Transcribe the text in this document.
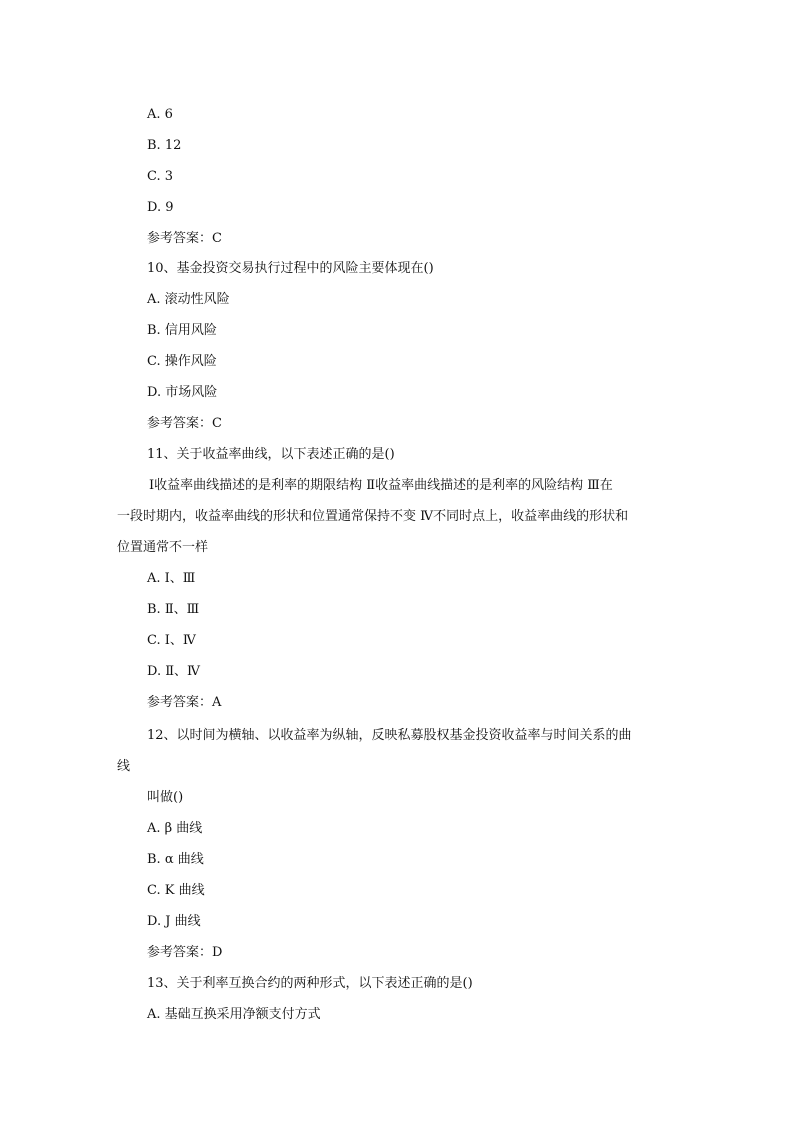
A. 6
B. 12
C. 3
D. 9
参考答案：C
10、基金投资交易执行过程中的风险主要体现在()
A. 滚动性风险
B. 信用风险
C. 操作风险
D. 市场风险
参考答案：C
11、关于收益率曲线，以下表述正确的是()
Ⅰ收益率曲线描述的是利率的期限结构 Ⅱ收益率曲线描述的是利率的风险结构 Ⅲ在
一段时期内，收益率曲线的形状和位置通常保持不变 Ⅳ不同时点上，收益率曲线的形状和
位置通常不一样
A. Ⅰ、Ⅲ
B. Ⅱ、Ⅲ
C. Ⅰ、Ⅳ
D. Ⅱ、Ⅳ
参考答案：A
12、以时间为横轴、以收益率为纵轴，反映私募股权基金投资收益率与时间关系的曲
线
叫做()
A. β 曲线
B. α 曲线
C. K 曲线
D. J 曲线
参考答案：D
13、关于利率互换合约的两种形式，以下表述正确的是()
A. 基础互换采用净额支付方式
